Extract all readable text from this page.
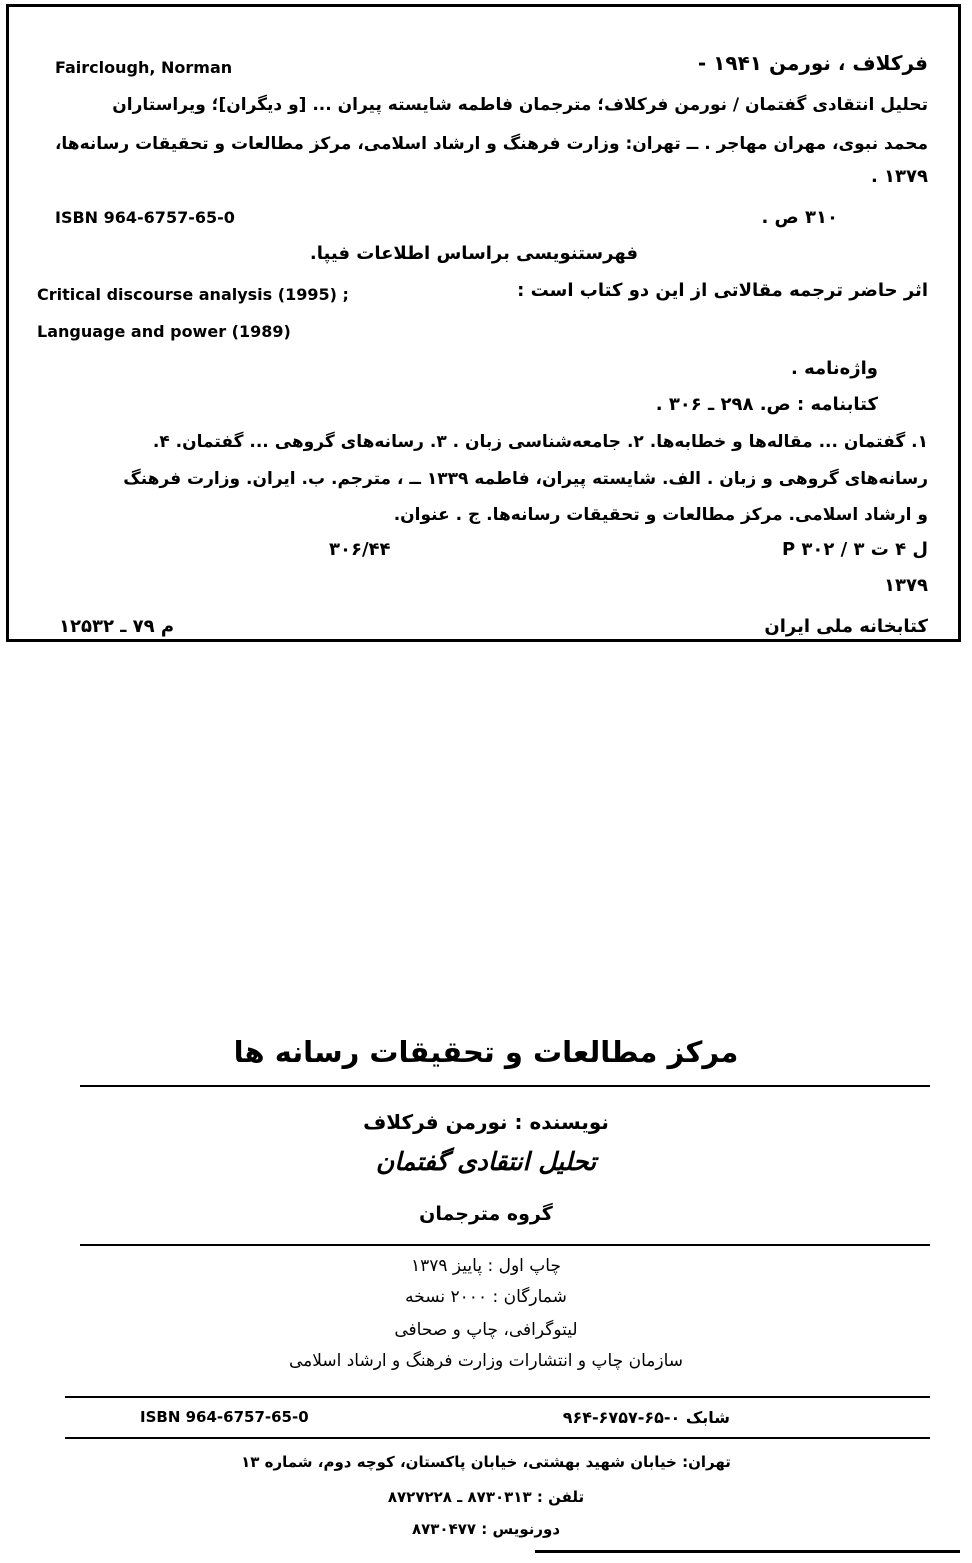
فرکلاف ، نورمن ۱۹۴۱ -
Fairclough, Norman
تحلیل انتقادی گفتمان / نورمن فرکلاف؛ مترجمان فاطمه شایسته پیران ... [و دیگران]؛ ویراستاران
محمد نبوی، مهران مهاجر . ــ تهران: وزارت فرهنگ و ارشاد اسلامی، مرکز مطالعات و تحقیقات رسانه‌ها،
. ۱۳۷۹
۳۱۰ ص .
ISBN 964-6757-65-0
فهرستنویسی براساس اطلاعات فیپا.
اثر حاضر ترجمه مقالاتی از این دو کتاب است :
Critical discourse analysis (1995) ;
Language and power (1989)
واژه‌نامه .
کتابنامه : ص. ۲۹۸ ـ ۳۰۶ .
۱. گفتمان ... مقاله‌ها و خطابه‌ها. ۲. جامعه‌شناسی زبان . ۳. رسانه‌های گروهی ... گفتمان. ۴.
رسانه‌های گروهی و زبان . الف. شایسته پیران، فاطمه ۱۳۳۹ ــ ، مترجم. ب. ایران. وزارت فرهنگ
و ارشاد اسلامی. مرکز مطالعات و تحقیقات رسانه‌ها. ج . عنوان.
P ۳۰۲ / ل ۴ ت ۳
۳۰۶/۴۴
۱۳۷۹
کتابخانه ملی ایران
م ۷۹ ـ ۱۲۵۳۲
مرکز مطالعات و تحقیقات رسانه ها
نویسنده : نورمن فرکلاف
تحلیل انتقادی گفتمان
گروه مترجمان
چاپ اول : پاییز ۱۳۷۹
شمارگان : ۲۰۰۰ نسخه
لیتوگرافی، چاپ و صحافی
سازمان چاپ و انتشارات وزارت فرهنگ و ارشاد اسلامی
ISBN 964-6757-65-0	شابک ۰-۶۵-۶۷۵۷-۹۶۴
تهران: خیابان شهید بهشتی، خیابان پاکستان، کوچه دوم، شماره ۱۳
تلفن : ۸۷۳۰۳۱۳ ـ ۸۷۲۷۲۲۸
دورنویس : ۸۷۳۰۴۷۷
